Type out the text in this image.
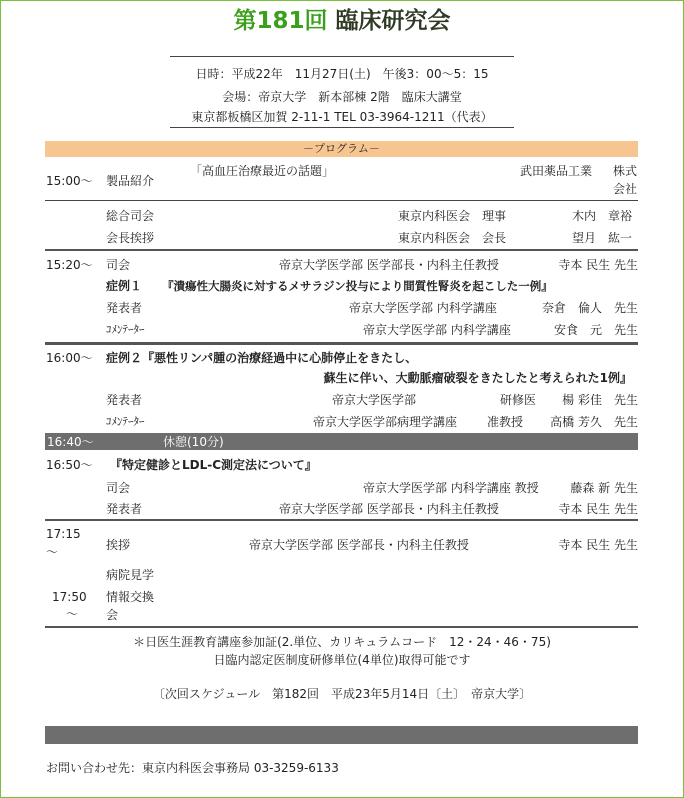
第181回 臨床研究会
日時：平成22年　11月27日(土)　午後3：00～5：15
会場：帝京大学　新本部棟 2階　臨床大講堂
東京都板橋区加賀 2-11-1 TEL 03-3964-1211（代表）
－プログラム－
15:00～ 製品紹介
「高血圧治療最近の話題」	武田薬品工業 株式
会社
総合司会	東京内科医会　理事	木内　章裕
会長挨拶	東京内科医会　会長	望月　紘一
15:20～ 司会	帝京大学医学部 医学部長・内科主任教授	寺本 民生 先生
症例１ 『潰瘍性大腸炎に対するメサラジン投与により間質性腎炎を起こした一例』
発表者	帝京大学医学部 内科学講座	奈倉　倫人　先生
ｺﾒﾝﾃｰﾀｰ	帝京大学医学部 内科学講座	安食　元　先生
16:00～ 症例２『悪性リンパ腫の治療経過中に心肺停止をきたし、
蘇生に伴い、大動脈瘤破裂をきたしたと考えられた1例』
発表者	帝京大学医学部	研修医	楊 彩佳　先生
ｺﾒﾝﾃｰﾀｰ	帝京大学医学部病理学講座 准教授	高橋 芳久　先生
16:40～	休憩(10分)
16:50～ 『特定健診とLDL-C測定法について』
司会	帝京大学医学部 内科学講座 教授	藤森 新 先生
発表者	帝京大学医学部 医学部長・内科主任教授	寺本 民生 先生
17:15
～	挨拶	帝京大学医学部 医学部長・内科主任教授	寺本 民生 先生
病院見学
17:50
～
情報交換
会
＊日医生涯教育講座参加証(2.単位、カリキュラムコード　12・24・46・75)
日臨内認定医制度研修単位(4単位)取得可能です
〔次回スケジュール　第182回　平成23年5月14日〔土〕　帝京大学〕
お問い合わせ先：東京内科医会事務局 03-3259-6133
